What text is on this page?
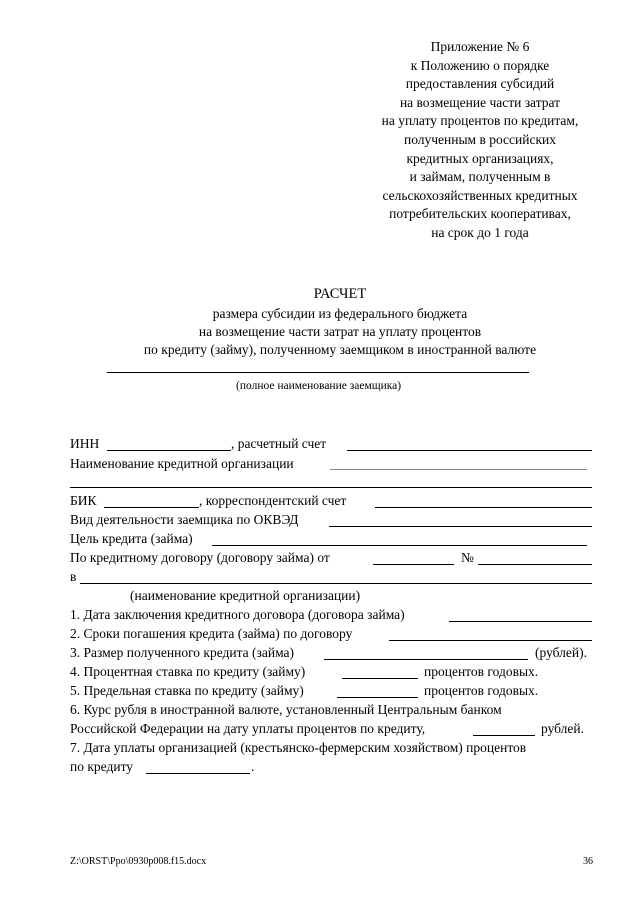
Приложение № 6
к Положению о порядке
предоставления субсидий
на возмещение части затрат
на уплату процентов по кредитам,
полученным в российских
кредитных организациях,
и займам, полученным в
сельскохозяйственных кредитных
потребительских кооперативах,
на срок до 1 года
РАСЧЕТ
размера субсидии из федерального бюджета
на возмещение части затрат на уплату процентов
по кредиту (займу), полученному заемщиком в иностранной валюте
(полное наименование заемщика)
ИНН	, расчетный счет
Наименование кредитной организации
БИК	, корреспондентский счет
Вид деятельности заемщика по ОКВЭД
Цель кредита (займа)
По кредитному договору (договору займа) от	№
в
(наименование кредитной организации)
1. Дата заключения кредитного договора (договора займа)
2. Сроки погашения кредита (займа) по договору
3. Размер полученного кредита (займа)	(рублей).
4. Процентная ставка по кредиту (займу)	процентов годовых.
5. Предельная ставка по кредиту (займу)	процентов годовых.
6. Курс рубля в иностранной валюте, установленный Центральным банком
Российской Федерации на дату уплаты процентов по кредиту,	рублей.
7. Дата уплаты организацией (крестьянско-фермерским хозяйством) процентов
по кредиту	.
Z:\ORST\Ppo\0930p008.f15.docx	36
